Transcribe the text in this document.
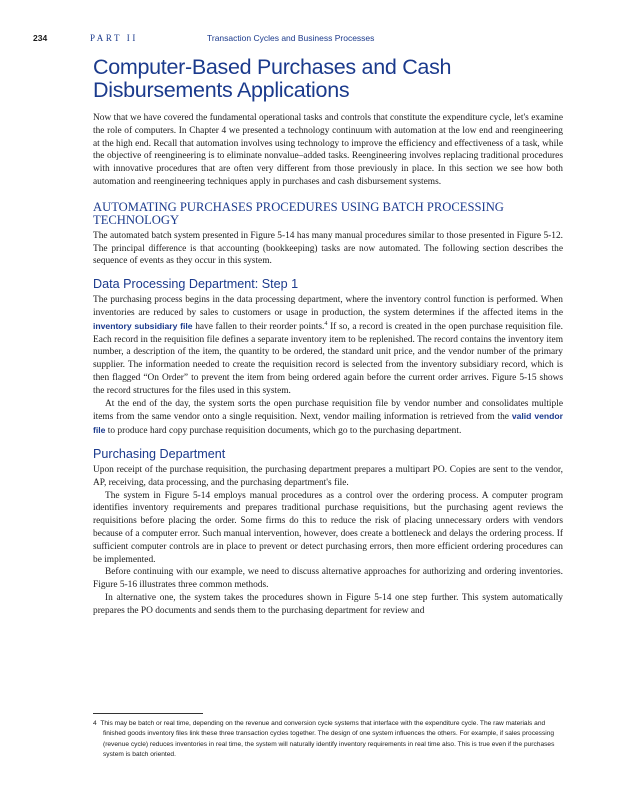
234	PART II	Transaction Cycles and Business Processes
Computer-Based Purchases and Cash Disbursements Applications

Now that we have covered the fundamental operational tasks and controls that constitute the expenditure cycle, let's examine the role of computers. In Chapter 4 we presented a technology continuum with automation at the low end and reengineering at the high end. Recall that automation involves using technology to improve the efficiency and effectiveness of a task, while the objective of reengineering is to eliminate nonvalue–added tasks. Reengineering involves replacing traditional procedures with innovative procedures that are often very different from those previously in place. In this section we see how both automation and reengineering techniques apply in purchases and cash disbursement systems.

AUTOMATING PURCHASES PROCEDURES USING BATCH PROCESSING TECHNOLOGY

The automated batch system presented in Figure 5-14 has many manual procedures similar to those presented in Figure 5-12. The principal difference is that accounting (bookkeeping) tasks are now automated. The following section describes the sequence of events as they occur in this system.

Data Processing Department: Step 1

The purchasing process begins in the data processing department, where the inventory control function is performed. When inventories are reduced by sales to customers or usage in production, the system determines if the affected items in the inventory subsidiary file have fallen to their reorder points.$^4$ If so, a record is created in the open purchase requisition file. Each record in the requisition file defines a separate inventory item to be replenished. The record contains the inventory item number, a description of the item, the quantity to be ordered, the standard unit price, and the vendor number of the primary supplier. The information needed to create the requisition record is selected from the inventory subsidiary record, which is then flagged “On Order” to prevent the item from being ordered again before the current order arrives. Figure 5-15 shows the record structures for the files used in this system.

At the end of the day, the system sorts the open purchase requisition file by vendor number and consolidates multiple items from the same vendor onto a single requisition. Next, vendor mailing information is retrieved from the valid vendor file to produce hard copy purchase requisition documents, which go to the purchasing department.

Purchasing Department

Upon receipt of the purchase requisition, the purchasing department prepares a multipart PO. Copies are sent to the vendor, AP, receiving, data processing, and the purchasing department's file.

The system in Figure 5-14 employs manual procedures as a control over the ordering process. A computer program identifies inventory requirements and prepares traditional purchase requisitions, but the purchasing agent reviews the requisitions before placing the order. Some firms do this to reduce the risk of placing unnecessary orders with vendors because of a computer error. Such manual intervention, however, does create a bottleneck and delays the ordering process. If sufficient computer controls are in place to prevent or detect purchasing errors, then more efficient ordering procedures can be implemented.

Before continuing with our example, we need to discuss alternative approaches for authorizing and ordering inventories. Figure 5-16 illustrates three common methods.

In alternative one, the system takes the procedures shown in Figure 5-14 one step further. This system automatically prepares the PO documents and sends them to the purchasing department for review and

4 This may be batch or real time, depending on the revenue and conversion cycle systems that interface with the expenditure cycle. The raw materials and finished goods inventory files link these three transaction cycles together. The design of one system influences the others. For example, if sales processing (revenue cycle) reduces inventories in real time, the system will naturally identify inventory requirements in real time also. This is true even if the purchases system is batch oriented.
